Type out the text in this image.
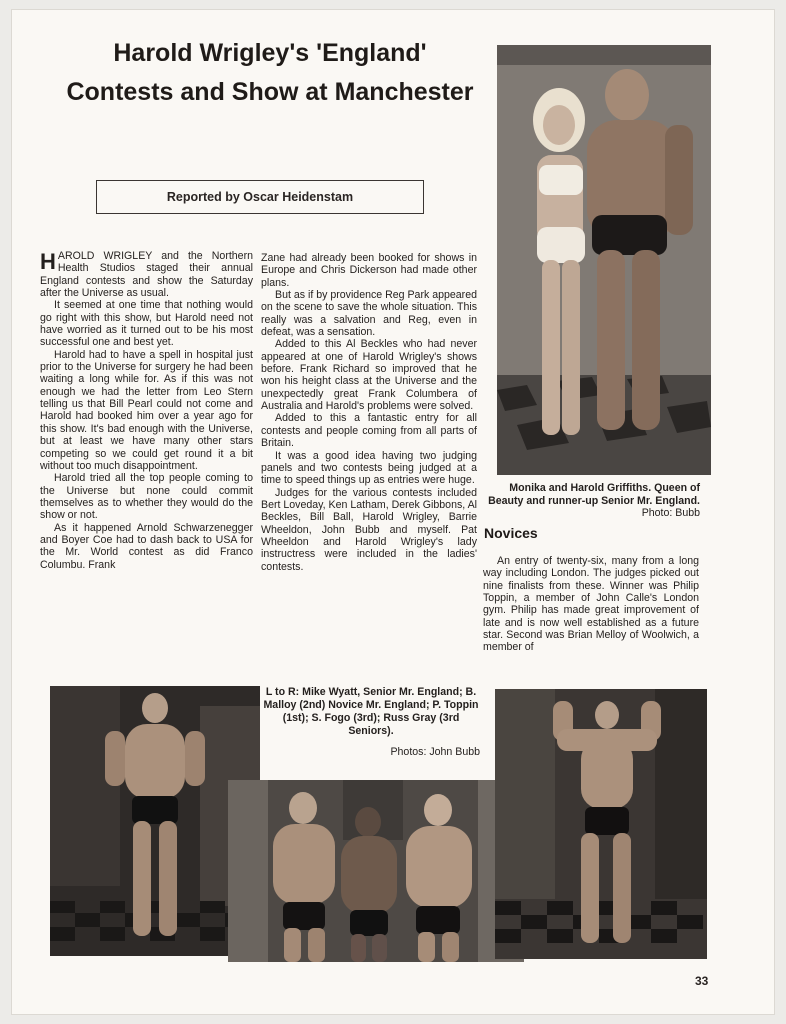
Harold Wrigley's 'England' Contests and Show at Manchester
Reported by Oscar Heidenstam
Monika and Harold Griffiths. Queen of Beauty and runner-up Senior Mr. England. Photo: Bubb

HAROLD WRIGLEY and the Northern Health Studios staged their annual England contests and show the Saturday after the Universe as usual.

It seemed at one time that nothing would go right with this show, but Harold need not have worried as it turned out to be his most successful one and best yet.

Harold had to have a spell in hospital just prior to the Universe for surgery he had been waiting a long while for. As if this was not enough we had the letter from Leo Stern telling us that Bill Pearl could not come and Harold had booked him over a year ago for this show. It's bad enough with the Universe, but at least we have many other stars competing so we could get round it a bit without too much disappointment.

Harold tried all the top people coming to the Universe but none could commit themselves as to whether they would do the show or not.

As it happened Arnold Schwarzenegger and Boyer Coe had to dash back to USA for the Mr. World contest as did Franco Columbu. Frank

Zane had already been booked for shows in Europe and Chris Dickerson had made other plans.

But as if by providence Reg Park appeared on the scene to save the whole situation. This really was a salvation and Reg, even in defeat, was a sensation.

Added to this Al Beckles who had never appeared at one of Harold Wrigley's shows before. Frank Richard so improved that he won his height class at the Universe and the unexpectedly great Frank Columbera of Australia and Harold's problems were solved.

Added to this a fantastic entry for all contests and people coming from all parts of Britain.

It was a good idea having two judging panels and two contests being judged at a time to speed things up as entries were huge.

Judges for the various contests included Bert Loveday, Ken Latham, Derek Gibbons, Al Beckles, Bill Ball, Harold Wrigley, Barrie Wheeldon, John Bubb and myself. Pat Wheeldon and Harold Wrigley's lady instructress were included in the ladies' contests.

Novices

An entry of twenty-six, many from a long way including London. The judges picked out nine finalists from these. Winner was Philip Toppin, a member of John Calle's London gym. Philip has made great improvement of late and is now well established as a future star. Second was Brian Melloy of Woolwich, a member of

L to R: Mike Wyatt, Senior Mr. England; B. Malloy (2nd) Novice Mr. England; P. Toppin (1st); S. Fogo (3rd); Russ Gray (3rd Seniors).
Photos: John Bubb
33
